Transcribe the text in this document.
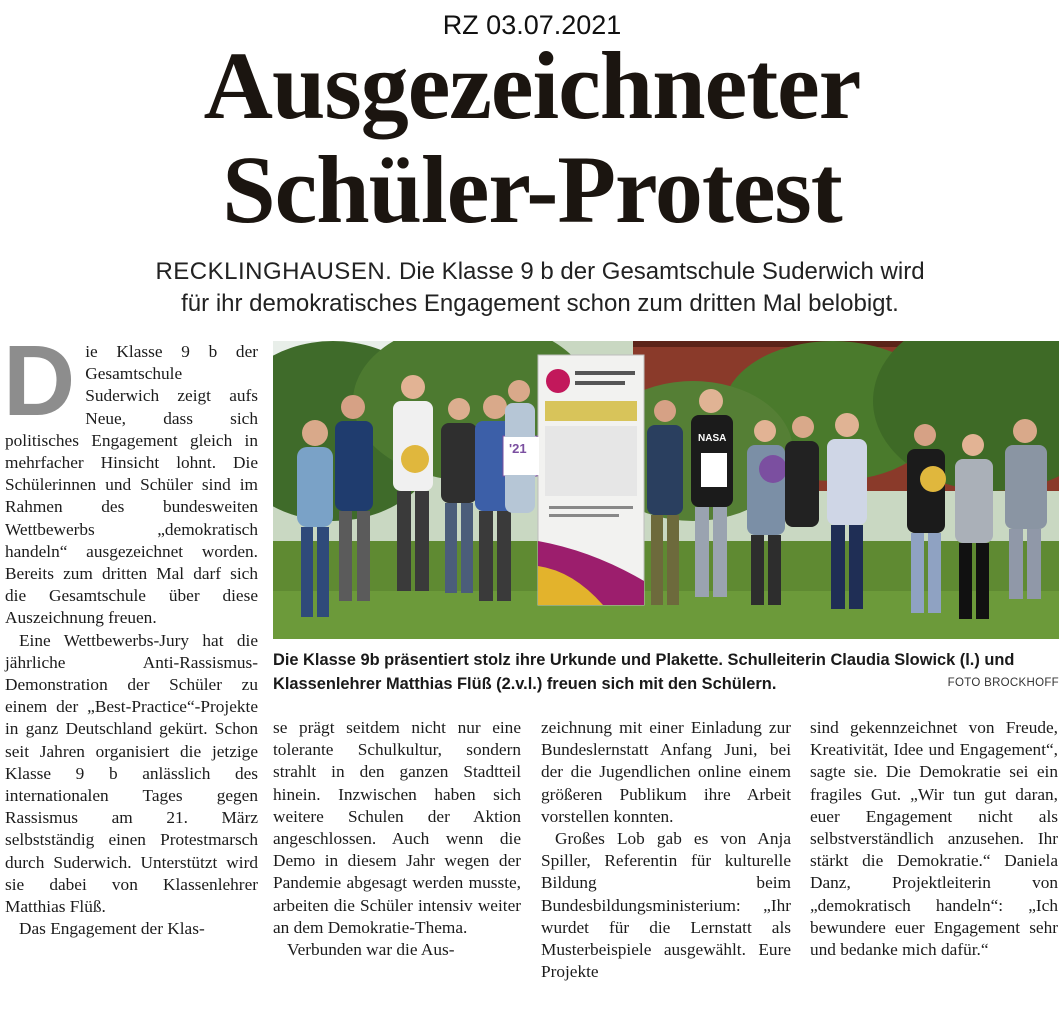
RZ 03.07.2021
Ausgezeichneter
Schüler-Protest
RECKLINGHAUSEN. Die Klasse 9 b der Gesamtschule Suderwich wird
für ihr demokratisches Engagement schon zum dritten Mal belobigt.

Die Klasse 9 b der Gesamtschule Suderwich zeigt aufs Neue, dass sich politisches Engagement gleich in mehrfacher Hinsicht lohnt. Die Schülerinnen und Schüler sind im Rahmen des bundesweiten Wettbewerbs „demokratisch handeln“ ausgezeichnet worden. Bereits zum dritten Mal darf sich die Gesamtschule über diese Auszeichnung freuen.

Eine Wettbewerbs-Jury hat die jährliche Anti-Rassismus-Demonstration der Schüler zu einem der „Best-Practice“-Projekte in ganz Deutschland gekürt. Schon seit Jahren organisiert die jetzige Klasse 9 b anlässlich des internationalen Tages gegen Rassismus am 21. März selbstständig einen Protestmarsch durch Suderwich. Unterstützt wird sie dabei von Klassenlehrer Matthias Flüß.

Das Engagement der Klas-

NASA
'21
Die Klasse 9b präsentiert stolz ihre Urkunde und Plakette. Schulleiterin Claudia Slowick (l.) und Klassenlehrer Matthias Flüß (2.v.l.) freuen sich mit den Schülern.	FOTO BROCKHOFF

se prägt seitdem nicht nur eine tolerante Schulkultur, sondern strahlt in den ganzen Stadtteil hinein. Inzwischen haben sich weitere Schulen der Aktion angeschlossen. Auch wenn die Demo in diesem Jahr wegen der Pandemie abgesagt werden musste, arbeiten die Schüler intensiv weiter an dem Demokratie-Thema.

Verbunden war die Aus-

zeichnung mit einer Einladung zur Bundeslernstatt Anfang Juni, bei der die Jugendlichen online einem größeren Publikum ihre Arbeit vorstellen konnten.

Großes Lob gab es von Anja Spiller, Referentin für kulturelle Bildung beim Bundesbildungsministerium: „Ihr wurdet für die Lernstatt als Musterbeispiele ausgewählt. Eure Projekte

sind gekennzeichnet von Freude, Kreativität, Idee und Engagement“, sagte sie. Die Demokratie sei ein fragiles Gut. „Wir tun gut daran, euer Engagement nicht als selbstverständlich anzusehen. Ihr stärkt die Demokratie.“ Daniela Danz, Projektleiterin von „demokratisch handeln“: „Ich bewundere euer Engagement sehr und bedanke mich dafür.“
